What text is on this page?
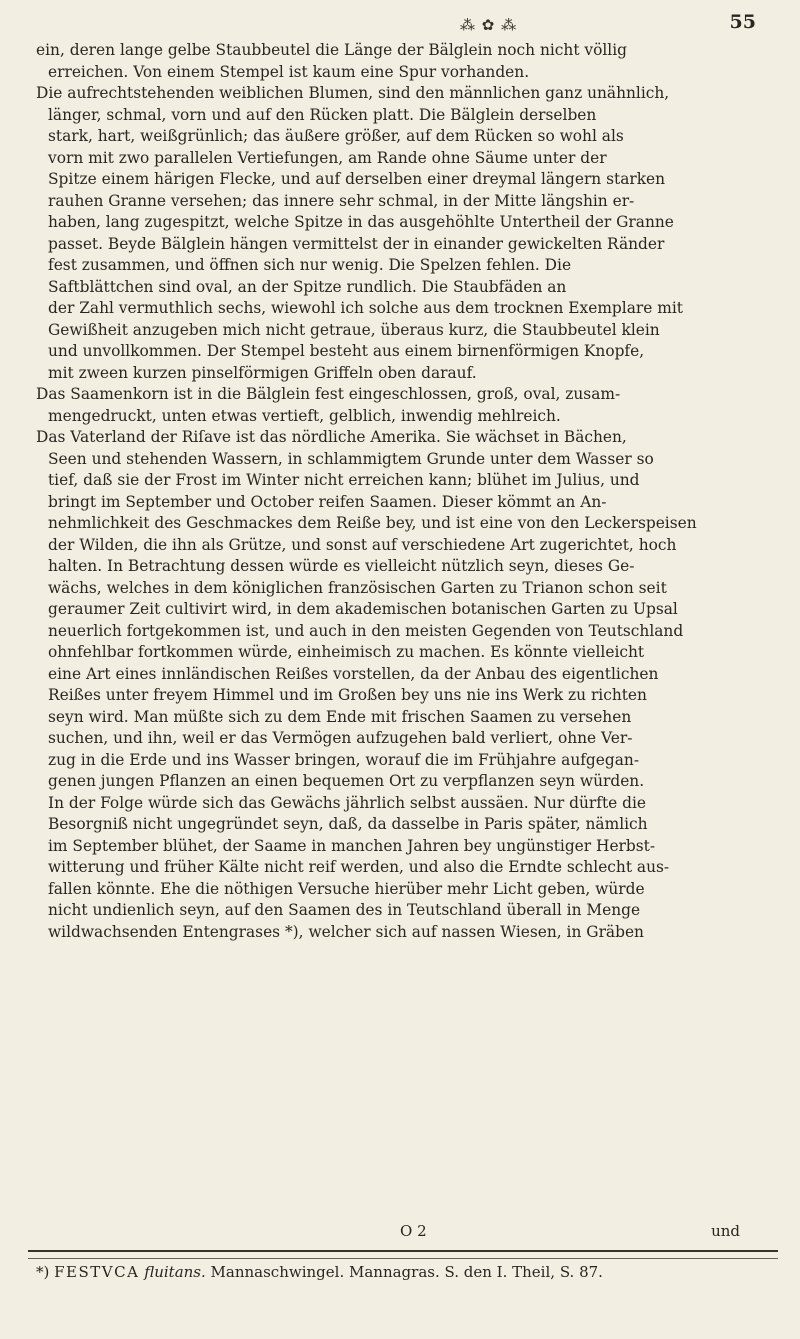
⁂ ✿ ⁂	55
ein, deren lange gelbe Staubbeutel die Länge der Bälglein noch nicht völlig
erreichen. Von einem Stempel ist kaum eine Spur vorhanden.
Die aufrechtstehenden weiblichen Blumen, sind den männlichen ganz unähnlich,
länger, schmal, vorn und auf den Rücken platt. Die Bälglein derselben
stark, hart, weißgrünlich; das äußere größer, auf dem Rücken so wohl als
vorn mit zwo parallelen Vertiefungen, am Rande ohne Säume unter der
Spitze einem härigen Flecke, und auf derselben einer dreymal längern starken
rauhen Granne versehen; das innere sehr schmal, in der Mitte längshin er-
haben, lang zugespitzt, welche Spitze in das ausgehöhlte Untertheil der Granne
passet. Beyde Bälglein hängen vermittelst der in einander gewickelten Ränder
fest zusammen, und öffnen sich nur wenig. Die Spelzen fehlen. Die
Saftblättchen sind oval, an der Spitze rundlich. Die Staubfäden an
der Zahl vermuthlich sechs, wiewohl ich solche aus dem trocknen Exemplare mit
Gewißheit anzugeben mich nicht getraue, überaus kurz, die Staubbeutel klein
und unvollkommen. Der Stempel besteht aus einem birnenförmigen Knopfe,
mit zween kurzen pinselförmigen Griffeln oben darauf.
Das Saamenkorn ist in die Bälglein fest eingeschlossen, groß, oval, zusam-
mengedruckt, unten etwas vertieft, gelblich, inwendig mehlreich.
Das Vaterland der Riſave ist das nördliche Amerika. Sie wächset in Bächen,
Seen und stehenden Wassern, in schlammigtem Grunde unter dem Wasser so
tief, daß sie der Frost im Winter nicht erreichen kann; blühet im Julius, und
bringt im September und October reifen Saamen. Dieser kömmt an An-
nehmlichkeit des Geschmackes dem Reiße bey, und ist eine von den Leckerspeisen
der Wilden, die ihn als Grütze, und sonst auf verschiedene Art zugerichtet, hoch
halten. In Betrachtung dessen würde es vielleicht nützlich seyn, dieses Ge-
wächs, welches in dem königlichen französischen Garten zu Trianon schon seit
geraumer Zeit cultivirt wird, in dem akademischen botanischen Garten zu Upsal
neuerlich fortgekommen ist, und auch in den meisten Gegenden von Teutschland
ohnfehlbar fortkommen würde, einheimisch zu machen. Es könnte vielleicht
eine Art eines innländischen Reißes vorstellen, da der Anbau des eigentlichen
Reißes unter freyem Himmel und im Großen bey uns nie ins Werk zu richten
seyn wird. Man müßte sich zu dem Ende mit frischen Saamen zu versehen
suchen, und ihn, weil er das Vermögen aufzugehen bald verliert, ohne Ver-
zug in die Erde und ins Wasser bringen, worauf die im Frühjahre aufgegan-
genen jungen Pflanzen an einen bequemen Ort zu verpflanzen seyn würden.
In der Folge würde sich das Gewächs jährlich selbst aussäen. Nur dürfte die
Besorgniß nicht ungegründet seyn, daß, da dasselbe in Paris später, nämlich
im September blühet, der Saame in manchen Jahren bey ungünstiger Herbst-
witterung und früher Kälte nicht reif werden, und also die Erndte schlecht aus-
fallen könnte. Ehe die nöthigen Versuche hierüber mehr Licht geben, würde
nicht undienlich seyn, auf den Saamen des in Teutschland überall in Menge
wildwachsenden Entengrases *), welcher sich auf nassen Wiesen, in Gräben
O 2	und
*) FESTVCA fluitans. Mannaschwingel. Mannagras. S. den I. Theil, S. 87.
